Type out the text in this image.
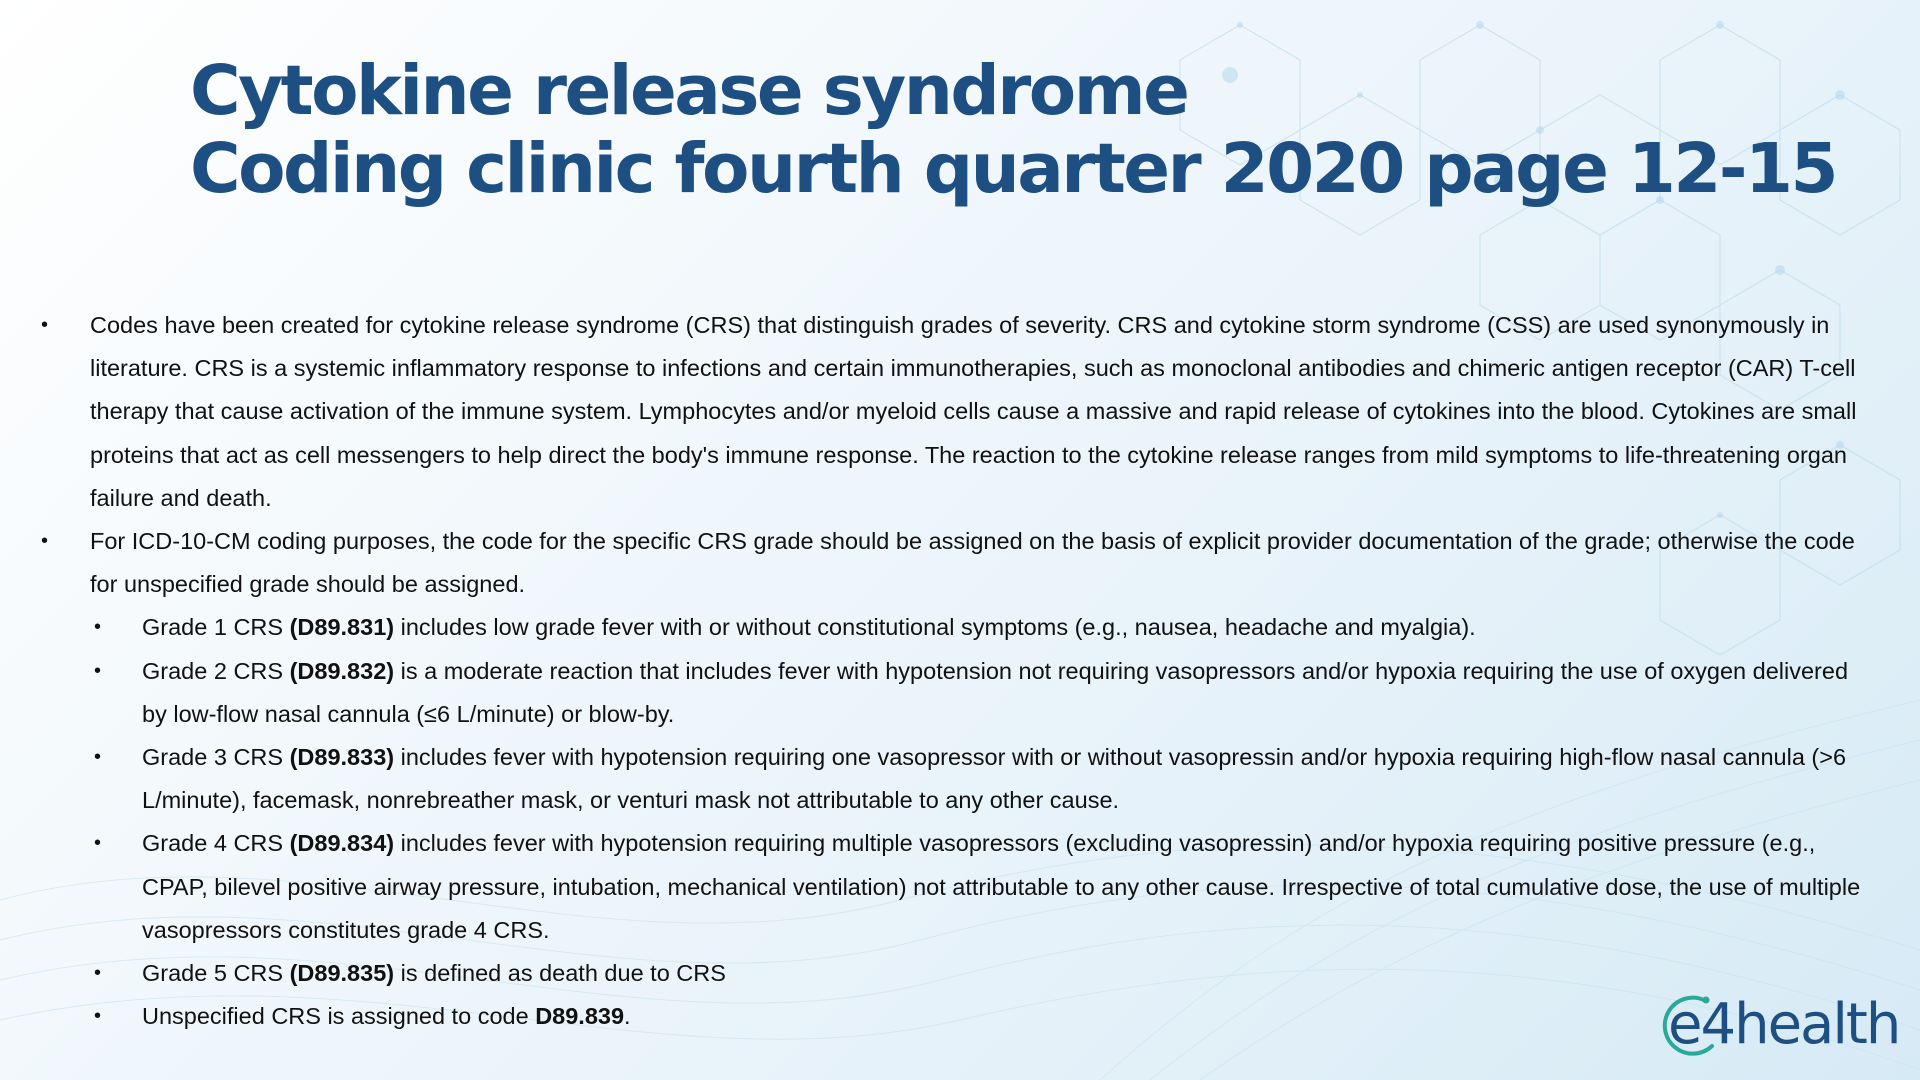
Cytokine release syndrome
Coding clinic fourth quarter 2020 page 12-15
• Codes have been created for cytokine release syndrome (CRS) that distinguish grades of severity. CRS and cytokine storm syndrome (CSS) are used synonymously in literature. CRS is a systemic inflammatory response to infections and certain immunotherapies, such as monoclonal antibodies and chimeric antigen receptor (CAR) T-cell therapy that cause activation of the immune system. Lymphocytes and/or myeloid cells cause a massive and rapid release of cytokines into the blood. Cytokines are small proteins that act as cell messengers to help direct the body's immune response. The reaction to the cytokine release ranges from mild symptoms to life-threatening organ failure and death.
• For ICD-10-CM coding purposes, the code for the specific CRS grade should be assigned on the basis of explicit provider documentation of the grade; otherwise the code for unspecified grade should be assigned.
• Grade 1 CRS (D89.831) includes low grade fever with or without constitutional symptoms (e.g., nausea, headache and myalgia).
• Grade 2 CRS (D89.832) is a moderate reaction that includes fever with hypotension not requiring vasopressors and/or hypoxia requiring the use of oxygen delivered by low-flow nasal cannula (≤6 L/minute) or blow-by.
• Grade 3 CRS (D89.833) includes fever with hypotension requiring one vasopressor with or without vasopressin and/or hypoxia requiring high-flow nasal cannula (>6 L/minute), facemask, nonrebreather mask, or venturi mask not attributable to any other cause.
• Grade 4 CRS (D89.834) includes fever with hypotension requiring multiple vasopressors (excluding vasopressin) and/or hypoxia requiring positive pressure (e.g., CPAP, bilevel positive airway pressure, intubation, mechanical ventilation) not attributable to any other cause. Irrespective of total cumulative dose, the use of multiple vasopressors constitutes grade 4 CRS.
• Grade 5 CRS (D89.835) is defined as death due to CRS
• Unspecified CRS is assigned to code D89.839.	e4health
